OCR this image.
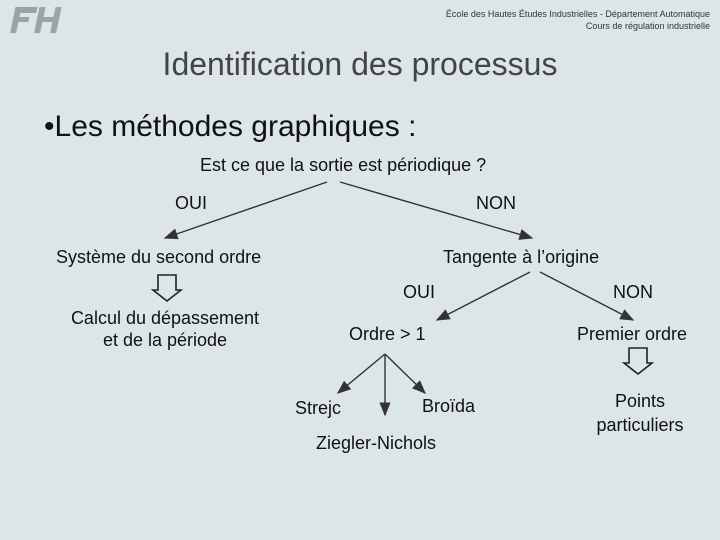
École des Hautes Études Industrielles - Département Automatique
Cours de régulation industrielle
Identification des processus
•Les méthodes graphiques :
Est ce que la sortie est périodique ?
OUI	NON
Système du second ordre	Tangente à l’origine
Calcul du dépassement
et de la période
OUI	NON
Ordre > 1	Premier ordre
Strejc	Broïda
Ziegler-Nichols
Points
particuliers
